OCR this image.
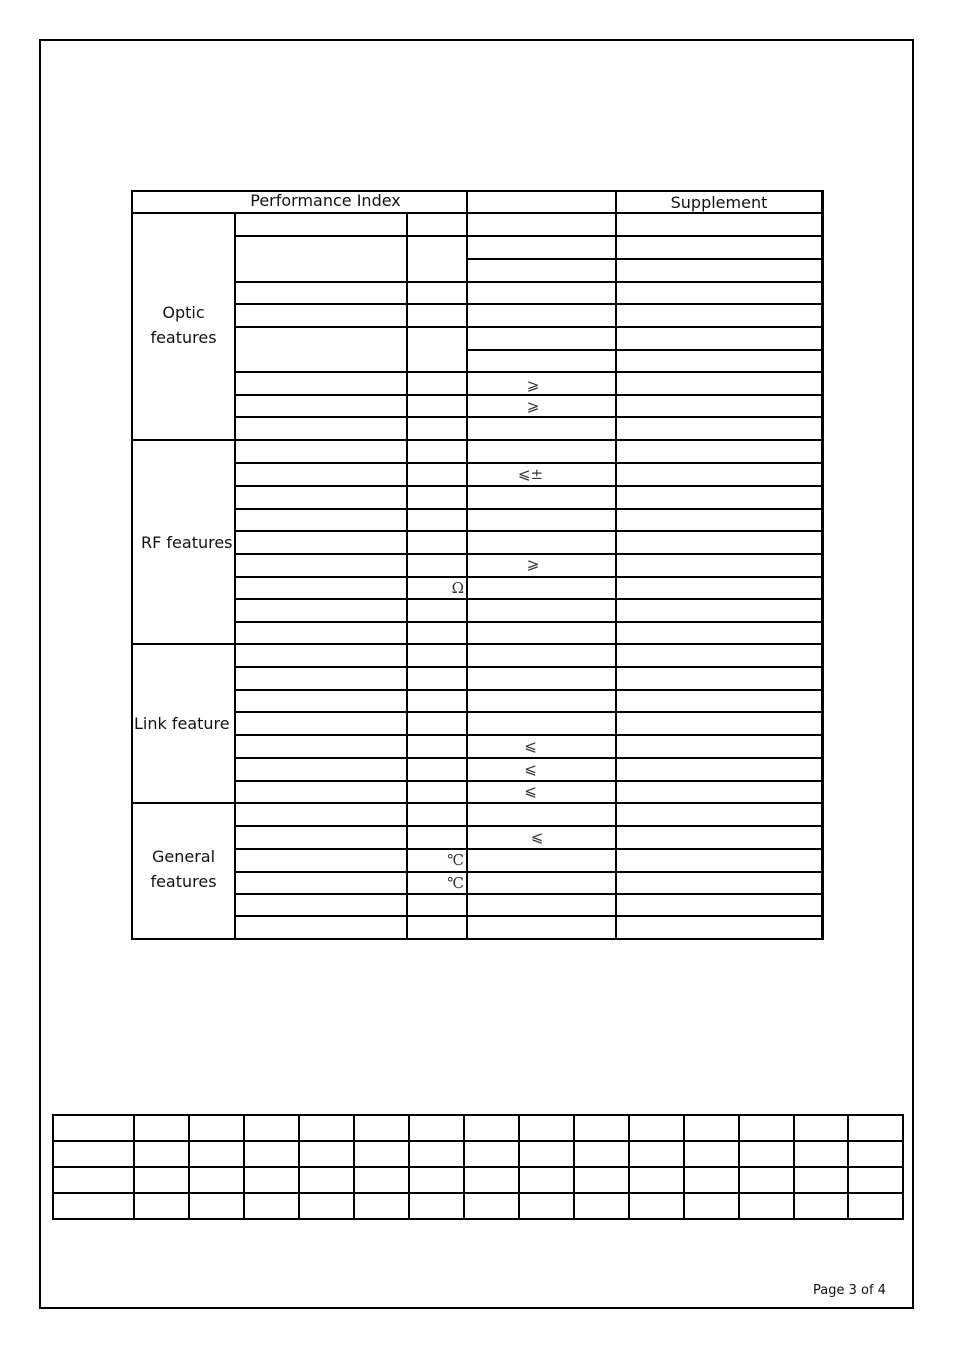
Performance Index	Supplement
Optic
features
RF features
Link feature
General
features
⩾
⩾
⩽±
⩾
Ω
⩽
⩽
⩽
⩽
℃
℃
Page 3 of 4
